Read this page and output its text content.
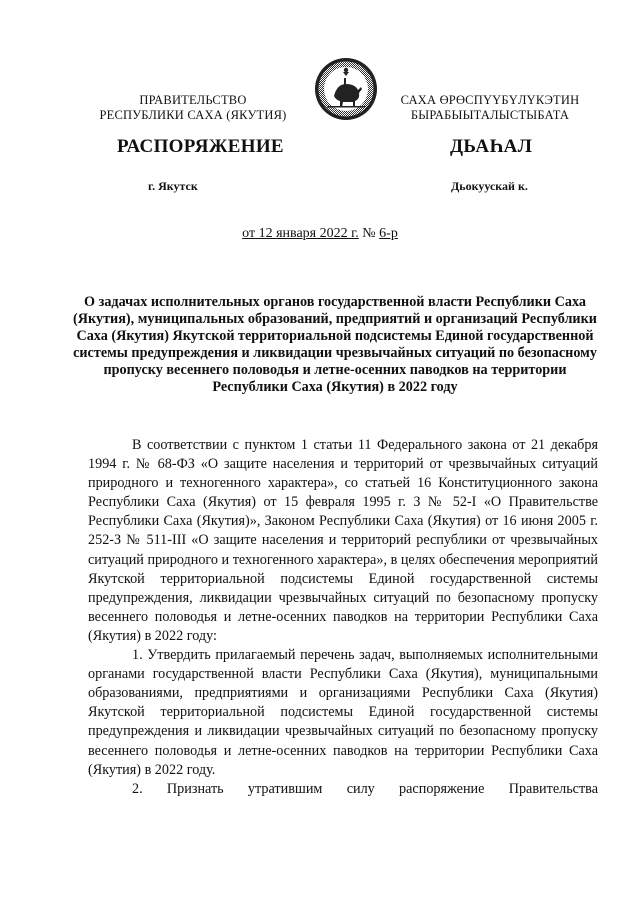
ПРАВИТЕЛЬСТВО
РЕСПУБЛИКИ САХА (ЯКУТИЯ)
САХА ӨРӨСПҮҮБҮЛҮКЭТИН
БЫРАБЫЫТАЛЫСТЫБАТА
РАСПОРЯЖЕНИЕ	ДЬАҺАЛ
г. Якутск	Дьокуускай к.
от 12 января 2022 г. № 6-р
О задачах исполнительных органов государственной власти Республики Саха (Якутия), муниципальных образований, предприятий и организаций Республики Саха (Якутия) Якутской территориальной подсистемы Единой государственной системы предупреждения и ликвидации чрезвычайных ситуаций по безопасному пропуску весеннего половодья и летне-осенних паводков на территории Республики Саха (Якутия) в 2022 году

В соответствии с пунктом 1 статьи 11 Федерального закона от 21 декабря 1994 г. № 68-ФЗ «О защите населения и территорий от чрезвычайных ситуаций природного и техногенного характера», со статьей 16 Конституционного закона Республики Саха (Якутия) от 15 февраля 1995 г. З № 52-I «О Правительстве Республики Саха (Якутия)», Законом Республики Саха (Якутия) от 16 июня 2005 г. 252-З № 511-III «О защите населения и территорий республики от чрезвычайных ситуаций природного и техногенного характера», в целях обеспечения мероприятий Якутской территориальной подсистемы Единой государственной системы предупреждения, ликвидации чрезвычайных ситуаций по безопасному пропуску весеннего половодья и летне-осенних паводков на территории Республики Саха (Якутия) в 2022 году:

1. Утвердить прилагаемый перечень задач, выполняемых исполнительными органами государственной власти Республики Саха (Якутия), муниципальными образованиями, предприятиями и организациями Республики Саха (Якутия) Якутской территориальной подсистемы Единой государственной системы предупреждения и ликвидации чрезвычайных ситуаций по безопасному пропуску весеннего половодья и летне-осенних паводков на территории Республики Саха (Якутия) в 2022 году.

2. Признать утратившим силу распоряжение Правительства
